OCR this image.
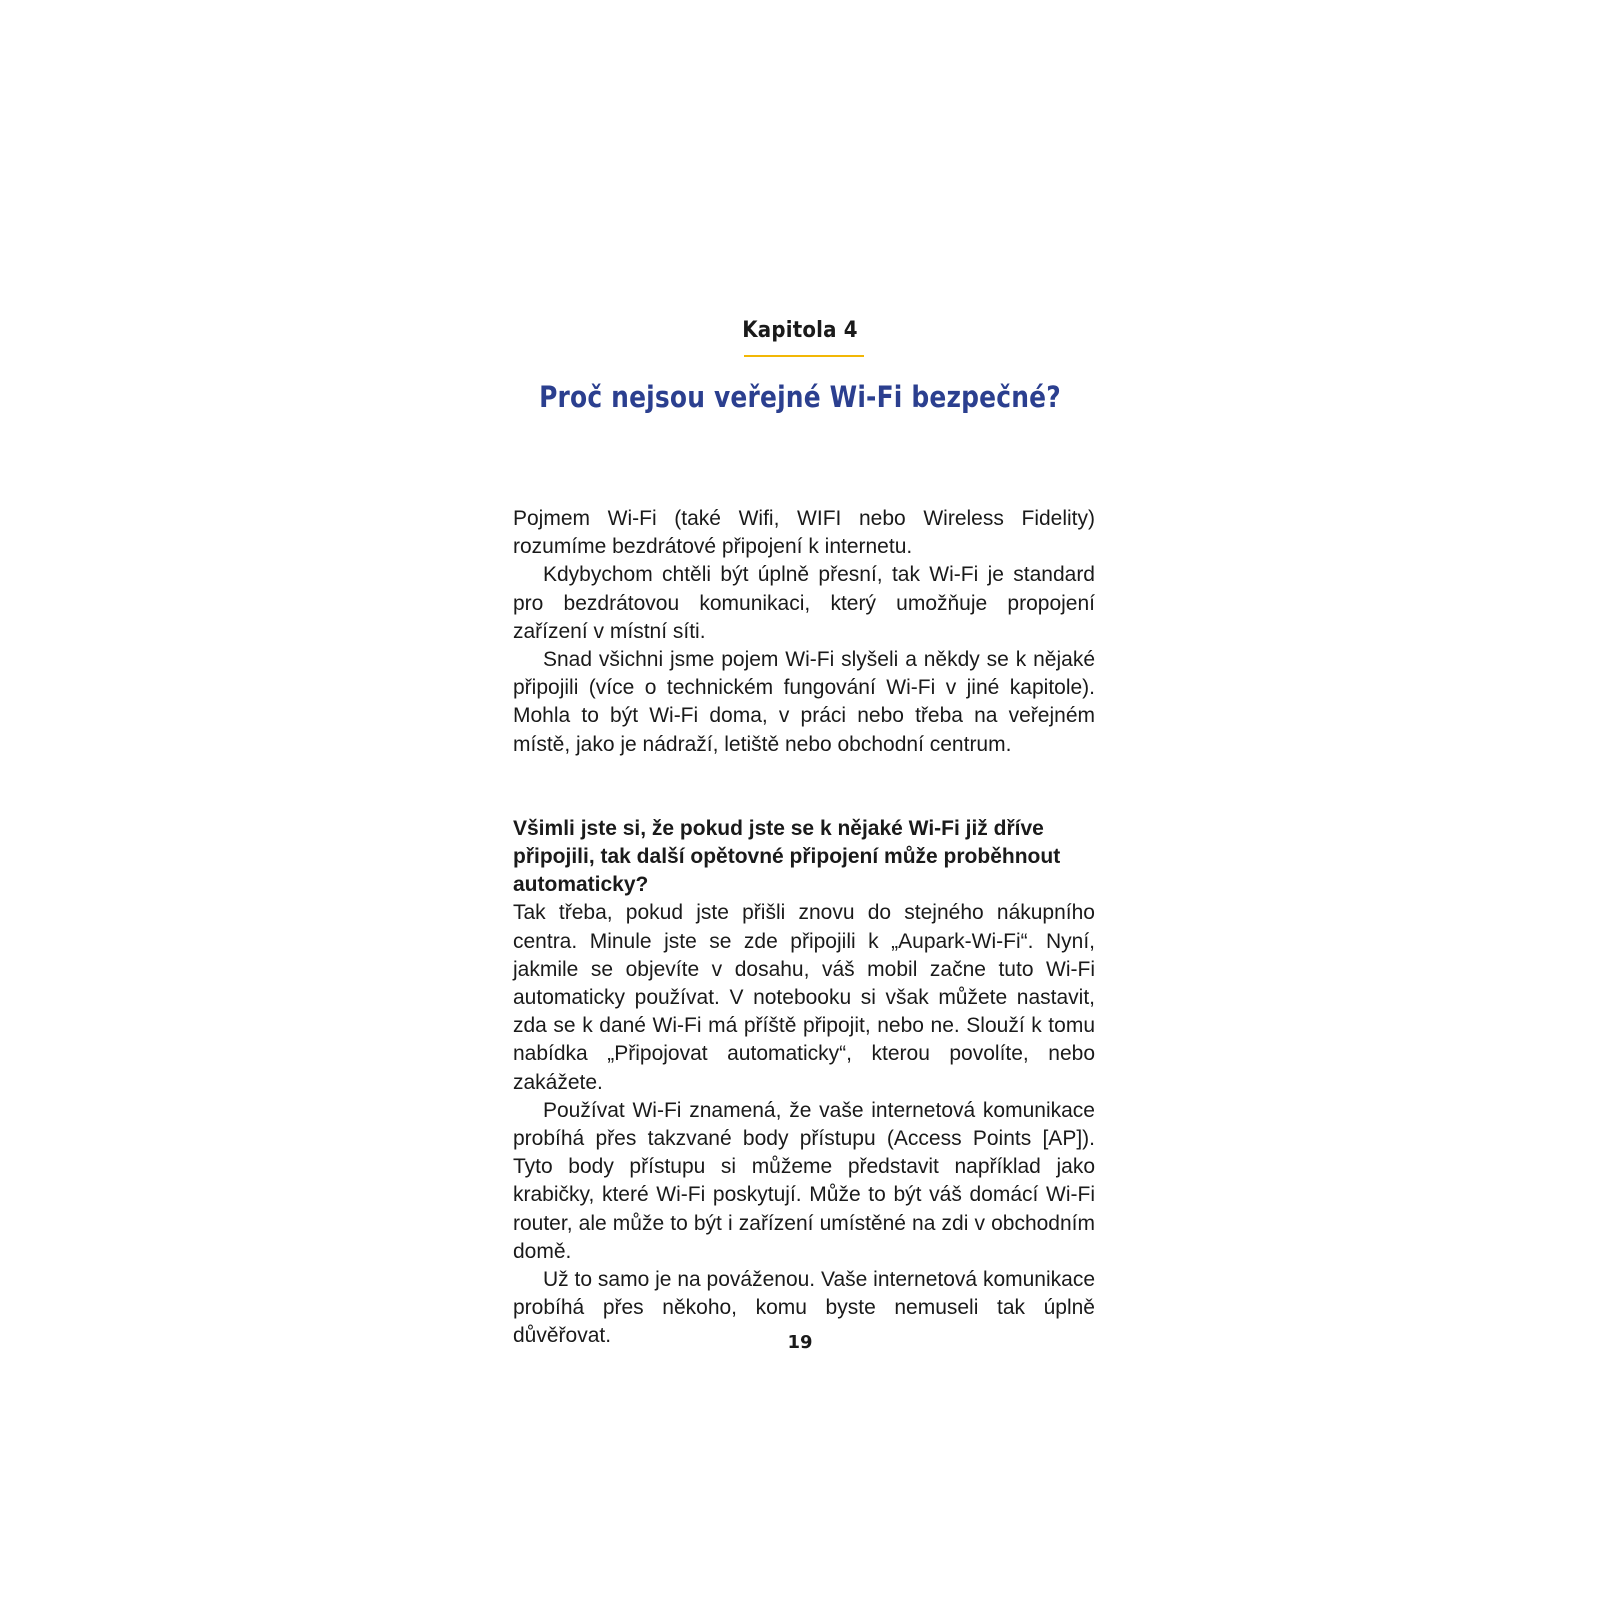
Kapitola 4
Proč nejsou veřejné Wi-Fi bezpečné?

Pojmem Wi-Fi (také Wifi, WIFI nebo Wireless Fidelity) rozumíme bezdrátové připojení k internetu.

Kdybychom chtěli být úplně přesní, tak Wi-Fi je standard pro bezdrátovou komunikaci, který umožňuje propojení zařízení v místní síti.

Snad všichni jsme pojem Wi-Fi slyšeli a někdy se k nějaké připojili (více o technickém fungování Wi-Fi v jiné kapitole). Mohla to být Wi-Fi doma, v práci nebo třeba na veřejném místě, jako je nádraží, letiště nebo obchodní centrum.

Všimli jste si, že pokud jste se k nějaké Wi-Fi již dříve připojili, tak další opětovné připojení může proběhnout automaticky?

Tak třeba, pokud jste přišli znovu do stejného nákupního centra. Minule jste se zde připojili k „Aupark-Wi-Fi“. Nyní, jakmile se objevíte v dosahu, váš mobil začne tuto Wi-Fi automaticky používat. V notebooku si však můžete nastavit, zda se k dané Wi-Fi má příště připojit, nebo ne. Slouží k tomu nabídka „Připojovat automaticky“, kterou povolíte, nebo zakážete.

Používat Wi-Fi znamená, že vaše internetová komunikace probíhá přes takzvané body přístupu (Access Points [AP]). Tyto body přístupu si můžeme představit například jako krabičky, které Wi-Fi poskytují. Může to být váš domácí Wi-Fi router, ale může to být i zařízení umístěné na zdi v obchodním domě.

Už to samo je na pováženou. Vaše internetová komunikace probíhá přes někoho, komu byste nemuseli tak úplně důvěřovat.	19
